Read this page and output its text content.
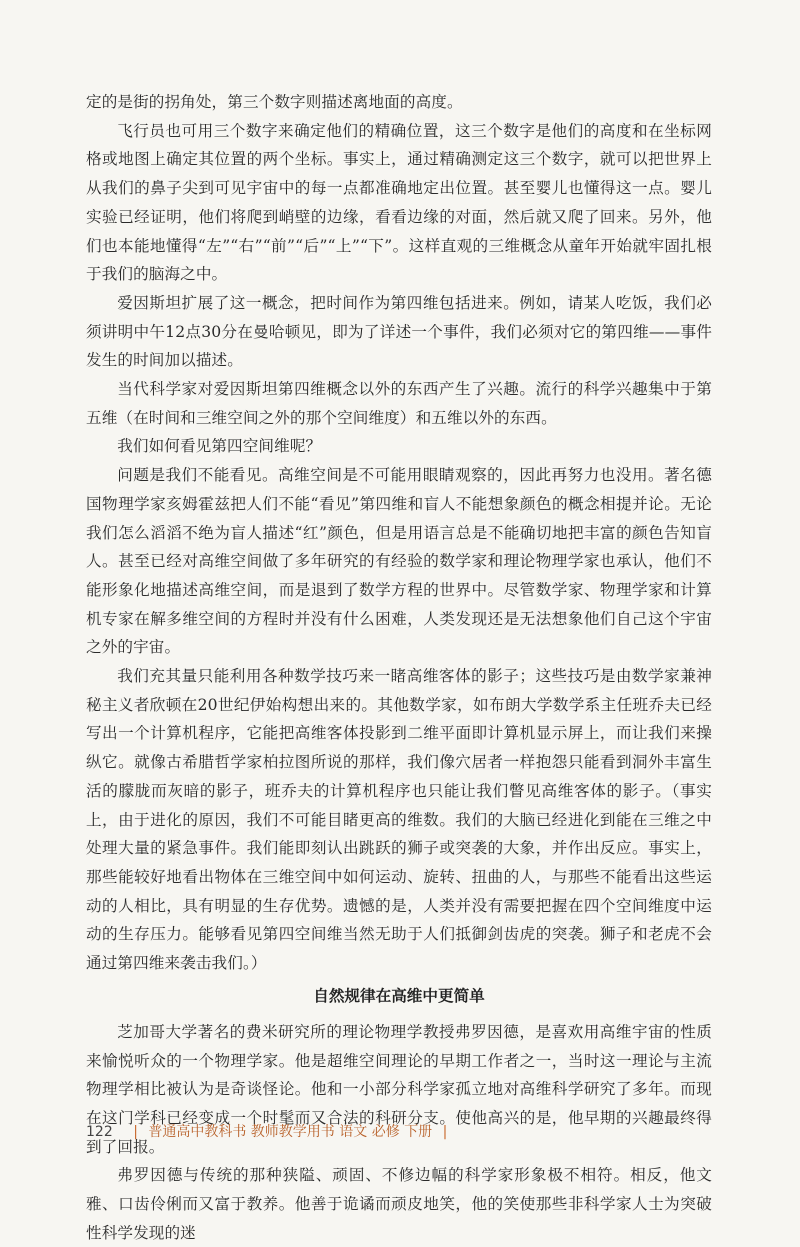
定的是街的拐角处，第三个数字则描述离地面的高度。

飞行员也可用三个数字来确定他们的精确位置，这三个数字是他们的高度和在坐标网格或地图上确定其位置的两个坐标。事实上，通过精确测定这三个数字，就可以把世界上从我们的鼻子尖到可见宇宙中的每一点都准确地定出位置。甚至婴儿也懂得这一点。婴儿实验已经证明，他们将爬到峭壁的边缘，看看边缘的对面，然后就又爬了回来。另外，他们也本能地懂得“左”“右”“前”“后”“上”“下”。这样直观的三维概念从童年开始就牢固扎根于我们的脑海之中。

爱因斯坦扩展了这一概念，把时间作为第四维包括进来。例如，请某人吃饭，我们必须讲明中午12点30分在曼哈顿见，即为了详述一个事件，我们必须对它的第四维——事件发生的时间加以描述。

当代科学家对爱因斯坦第四维概念以外的东西产生了兴趣。流行的科学兴趣集中于第五维（在时间和三维空间之外的那个空间维度）和五维以外的东西。

我们如何看见第四空间维呢？

问题是我们不能看见。高维空间是不可能用眼睛观察的，因此再努力也没用。著名德国物理学家亥姆霍兹把人们不能“看见”第四维和盲人不能想象颜色的概念相提并论。无论我们怎么滔滔不绝为盲人描述“红”颜色，但是用语言总是不能确切地把丰富的颜色告知盲人。甚至已经对高维空间做了多年研究的有经验的数学家和理论物理学家也承认，他们不能形象化地描述高维空间，而是退到了数学方程的世界中。尽管数学家、物理学家和计算机专家在解多维空间的方程时并没有什么困难，人类发现还是无法想象他们自己这个宇宙之外的宇宙。

我们充其量只能利用各种数学技巧来一睹高维客体的影子；这些技巧是由数学家兼神秘主义者欣顿在20世纪伊始构想出来的。其他数学家，如布朗大学数学系主任班乔夫已经写出一个计算机程序，它能把高维客体投影到二维平面即计算机显示屏上，而让我们来操纵它。就像古希腊哲学家柏拉图所说的那样，我们像穴居者一样抱怨只能看到洞外丰富生活的朦胧而灰暗的影子，班乔夫的计算机程序也只能让我们瞥见高维客体的影子。（事实上，由于进化的原因，我们不可能目睹更高的维数。我们的大脑已经进化到能在三维之中处理大量的紧急事件。我们能即刻认出跳跃的狮子或突袭的大象，并作出反应。事实上，那些能较好地看出物体在三维空间中如何运动、旋转、扭曲的人，与那些不能看出这些运动的人相比，具有明显的生存优势。遗憾的是，人类并没有需要把握在四个空间维度中运动的生存压力。能够看见第四空间维当然无助于人们抵御剑齿虎的突袭。狮子和老虎不会通过第四维来袭击我们。）

自然规律在高维中更简单

芝加哥大学著名的费米研究所的理论物理学教授弗罗因德，是喜欢用高维宇宙的性质来愉悦听众的一个物理学家。他是超维空间理论的早期工作者之一，当时这一理论与主流物理学相比被认为是奇谈怪论。他和一小部分科学家孤立地对高维科学研究了多年。而现在这门学科已经变成一个时髦而又合法的科研分支。使他高兴的是，他早期的兴趣最终得到了回报。

弗罗因德与传统的那种狭隘、顽固、不修边幅的科学家形象极不相符。相反，他文雅、口齿伶俐而又富于教养。他善于诡谲而顽皮地笑，他的笑使那些非科学家人士为突破性科学发现的迷

122 | 普通高中教科书 教师教学用书 语文 必修 下册 |
